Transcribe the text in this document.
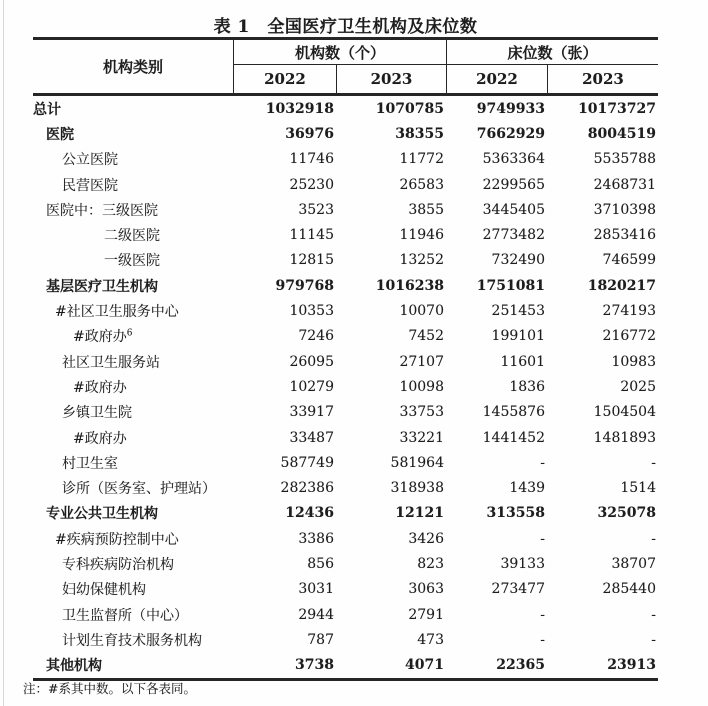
表 1　全国医疗卫生机构及床位数
机构类别
机构数（个）	床位数（张）
2022	2023	2022	2023
总计	1032918	1070785	9749933	10173727
医院	36976	38355	7662929	8004519
公立医院	11746	11772	5363364	5535788
民营医院	25230	26583	2299565	2468731
医院中：三级医院	3523	3855	3445405	3710398
二级医院	11145	11946	2773482	2853416
一级医院	12815	13252	732490	746599
基层医疗卫生机构	979768	1016238	1751081	1820217
#社区卫生服务中心	10353	10070	251453	274193
#政府办$^6$	7246	7452	199101	216772
社区卫生服务站	26095	27107	11601	10983
#政府办	10279	10098	1836	2025
乡镇卫生院	33917	33753	1455876	1504504
#政府办	33487	33221	1441452	1481893
村卫生室	587749	581964	-	-
诊所（医务室、护理站）	282386	318938	1439	1514
专业公共卫生机构	12436	12121	313558	325078
#疾病预防控制中心	3386	3426	-	-
专科疾病防治机构	856	823	39133	38707
妇幼保健机构	3031	3063	273477	285440
卫生监督所（中心）	2944	2791	-	-
计划生育技术服务机构	787	473	-	-
其他机构	3738	4071	22365	23913
注：#系其中数。以下各表同。
